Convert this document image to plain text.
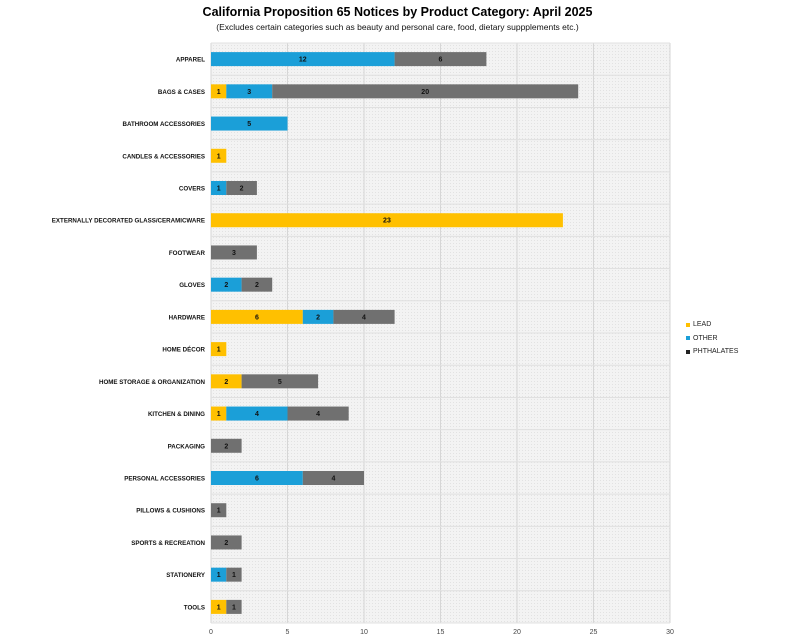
California Proposition 65 Notices by Product Category: April 2025
(Excludes certain categories such as beauty and personal care, food, dietary suppplements etc.)
0	5	10	15	20	25	30
APPAREL	12	6
BAGS & CASES 1	3	20
BATHROOM ACCESSORIES	5
CANDLES & ACCESSORIES 1
COVERS 1	2
EXTERNALLY DECORATED GLASS/CERAMICWARE	23
FOOTWEAR	3
GLOVES	2	2
HARDWARE	6	2	4
HOME DÉCOR 1
HOME STORAGE & ORGANIZATION	2	5
KITCHEN & DINING 1	4	4
PACKAGING	2
PERSONAL ACCESSORIES	6	4
PILLOWS & CUSHIONS 1
SPORTS & RECREATION	2
STATIONERY 1 1
TOOLS 1 1
LEAD
OTHER
PHTHALATES
